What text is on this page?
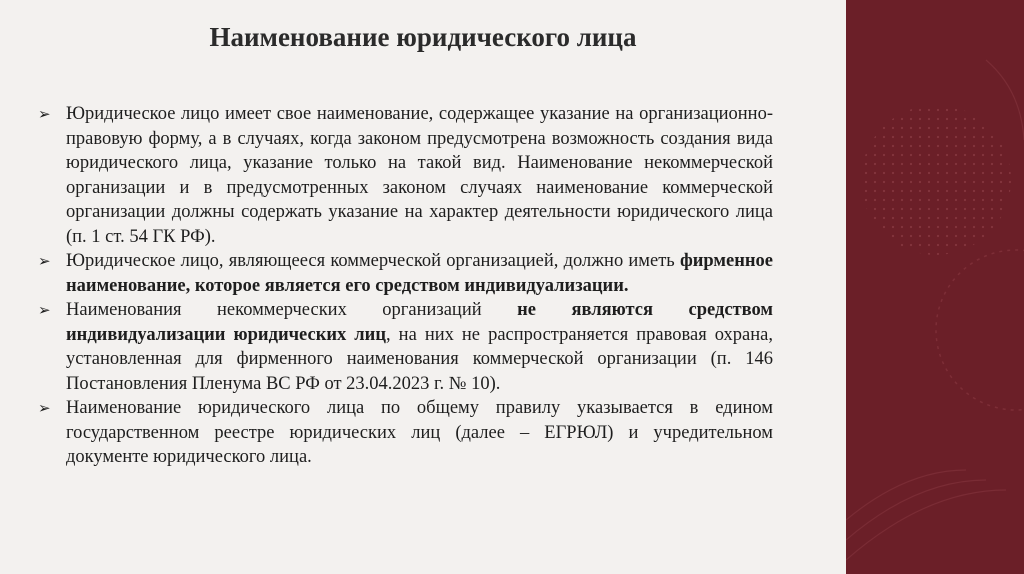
Наименование юридического лица
➢ Юридическое лицо имеет свое наименование, содержащее указание на организационно-правовую форму, а в случаях, когда законом предусмотрена возможность создания вида юридического лица, указание только на такой вид. Наименование некоммерческой организации и в предусмотренных законом случаях наименование коммерческой организации должны содержать указание на характер деятельности юридического лица (п. 1 ст. 54 ГК РФ).
➢ Юридическое лицо, являющееся коммерческой организацией, должно иметь фирменное наименование, которое является его средством индивидуализации.
➢ Наименования некоммерческих организаций не являются средством индивидуализации юридических лиц, на них не распространяется правовая охрана, установленная для фирменного наименования коммерческой организации (п. 146 Постановления Пленума ВС РФ от 23.04.2023 г. № 10).
➢ Наименование юридического лица по общему правилу указывается в едином государственном реестре юридических лиц (далее – ЕГРЮЛ) и учредительном документе юридического лица.
